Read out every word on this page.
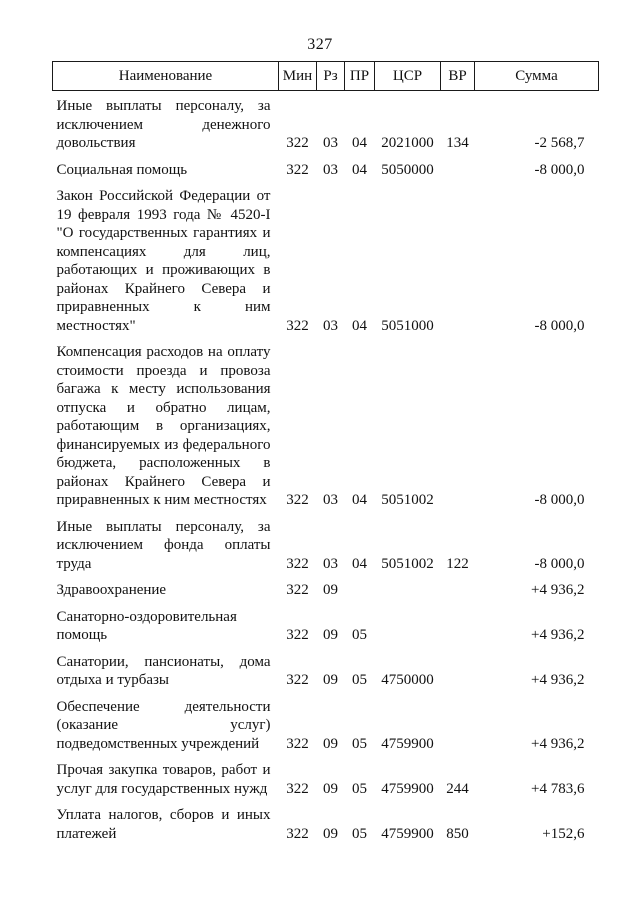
327
Наименование	Мин	Рз	ПР	ЦСР	ВР	Сумма
Иные выплаты персоналу, за исключением денежного довольствия	322	03	04	2021000	134	-2 568,7
Социальная помощь	322	03	04	5050000		-8 000,0
Закон Российской Федерации от 19 февраля 1993 года № 4520-I "О государственных гарантиях и компенсациях для лиц, работающих и проживающих в районах Крайнего Севера и приравненных к ним местностях"	322	03	04	5051000		-8 000,0
Компенсация расходов на оплату стоимости проезда и провоза багажа к месту использования отпуска и обратно лицам, работающим в организациях, финансируемых из федерального бюджета, расположенных в районах Крайнего Севера и приравненных к ним местностях	322	03	04	5051002		-8 000,0
Иные выплаты персоналу, за исключением фонда оплаты труда	322	03	04	5051002	122	-8 000,0
Здравоохранение	322	09				+4 936,2
Санаторно-оздоровительная помощь	322	09	05			+4 936,2
Санатории, пансионаты, дома отдыха и турбазы	322	09	05	4750000		+4 936,2
Обеспечение деятельности (оказание услуг) подведомственных учреждений	322	09	05	4759900		+4 936,2
Прочая закупка товаров, работ и услуг для государственных нужд	322	09	05	4759900	244	+4 783,6
Уплата налогов, сборов и иных платежей	322	09	05	4759900	850	+152,6
